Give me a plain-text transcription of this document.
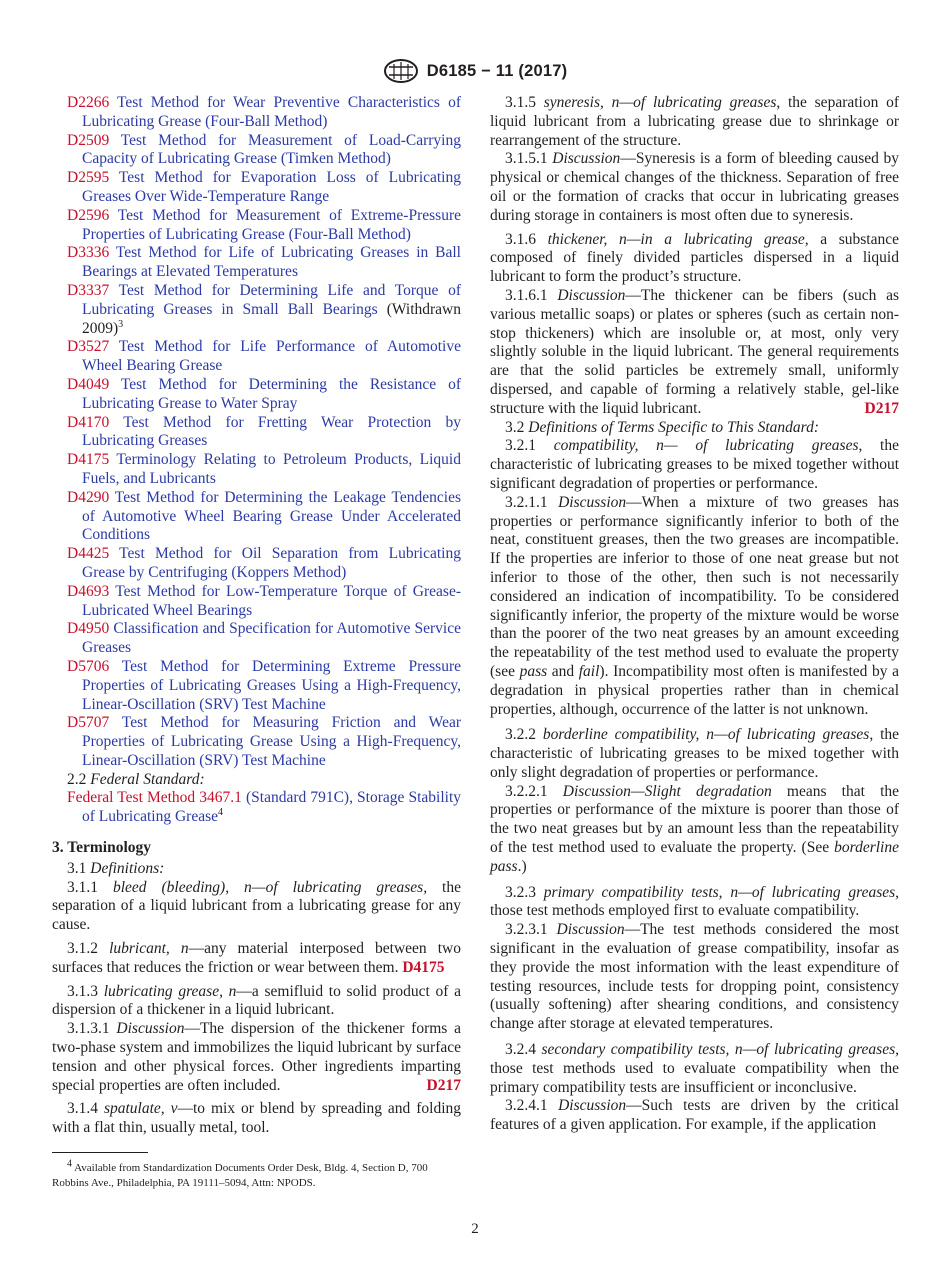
D6185 − 11 (2017)

D2266 Test Method for Wear Preventive Characteristics of Lubricating Grease (Four-Ball Method)

D2509 Test Method for Measurement of Load-Carrying Capacity of Lubricating Grease (Timken Method)

D2595 Test Method for Evaporation Loss of Lubricating Greases Over Wide-Temperature Range

D2596 Test Method for Measurement of Extreme-Pressure Properties of Lubricating Grease (Four-Ball Method)

D3336 Test Method for Life of Lubricating Greases in Ball Bearings at Elevated Temperatures

D3337 Test Method for Determining Life and Torque of Lubricating Greases in Small Ball Bearings (Withdrawn 2009)$^3$

D3527 Test Method for Life Performance of Automotive Wheel Bearing Grease

D4049 Test Method for Determining the Resistance of Lubricating Grease to Water Spray

D4170 Test Method for Fretting Wear Protection by Lubricating Greases

D4175 Terminology Relating to Petroleum Products, Liquid Fuels, and Lubricants

D4290 Test Method for Determining the Leakage Tendencies of Automotive Wheel Bearing Grease Under Accelerated Conditions

D4425 Test Method for Oil Separation from Lubricating Grease by Centrifuging (Koppers Method)

D4693 Test Method for Low-Temperature Torque of Grease-Lubricated Wheel Bearings

D4950 Classification and Specification for Automotive Service Greases

D5706 Test Method for Determining Extreme Pressure Properties of Lubricating Greases Using a High-Frequency, Linear-Oscillation (SRV) Test Machine

D5707 Test Method for Measuring Friction and Wear Properties of Lubricating Grease Using a High-Frequency, Linear-Oscillation (SRV) Test Machine

2.2 Federal Standard:

Federal Test Method 3467.1 (Standard 791C), Storage Stability of Lubricating Grease$^4$

3. Terminology

3.1 Definitions:

3.1.1 bleed (bleeding), n—of lubricating greases, the separation of a liquid lubricant from a lubricating grease for any cause.

3.1.2 lubricant, n—any material interposed between two surfaces that reduces the friction or wear between them. D4175

3.1.3 lubricating grease, n—a semifluid to solid product of a dispersion of a thickener in a liquid lubricant.

3.1.3.1 Discussion—The dispersion of the thickener forms a two-phase system and immobilizes the liquid lubricant by surface tension and other physical forces. Other ingredients imparting special properties are often included.	D217

3.1.4 spatulate, v—to mix or blend by spreading and folding with a flat thin, usually metal, tool.

3.1.5 syneresis, n—of lubricating greases, the separation of liquid lubricant from a lubricating grease due to shrinkage or rearrangement of the structure.

3.1.5.1 Discussion—Syneresis is a form of bleeding caused by physical or chemical changes of the thickness. Separation of free oil or the formation of cracks that occur in lubricating greases during storage in containers is most often due to syneresis.

3.1.6 thickener, n—in a lubricating grease, a substance composed of finely divided particles dispersed in a liquid lubricant to form the product’s structure.

3.1.6.1 Discussion—The thickener can be fibers (such as various metallic soaps) or plates or spheres (such as certain non-stop thickeners) which are insoluble or, at most, only very slightly soluble in the liquid lubricant. The general requirements are that the solid particles be extremely small, uniformly dispersed, and capable of forming a relatively stable, gel-like structure with the liquid lubricant.	D217

3.2 Definitions of Terms Specific to This Standard:

3.2.1 compatibility, n— of lubricating greases, the characteristic of lubricating greases to be mixed together without significant degradation of properties or performance.

3.2.1.1 Discussion—When a mixture of two greases has properties or performance significantly inferior to both of the neat, constituent greases, then the two greases are incompatible. If the properties are inferior to those of one neat grease but not inferior to those of the other, then such is not necessarily considered an indication of incompatibility. To be considered significantly inferior, the property of the mixture would be worse than the poorer of the two neat greases by an amount exceeding the repeatability of the test method used to evaluate the property (see pass and fail). Incompatibility most often is manifested by a degradation in physical properties rather than in chemical properties, although, occurrence of the latter is not unknown.

3.2.2 borderline compatibility, n—of lubricating greases, the characteristic of lubricating greases to be mixed together with only slight degradation of properties or performance.

3.2.2.1 Discussion—Slight degradation means that the properties or performance of the mixture is poorer than those of the two neat greases but by an amount less than the repeatability of the test method used to evaluate the property. (See borderline pass.)

3.2.3 primary compatibility tests, n—of lubricating greases, those test methods employed first to evaluate compatibility.

3.2.3.1 Discussion—The test methods considered the most significant in the evaluation of grease compatibility, insofar as they provide the most information with the least expenditure of testing resources, include tests for dropping point, consistency (usually softening) after shearing conditions, and consistency change after storage at elevated temperatures.

3.2.4 secondary compatibility tests, n—of lubricating greases, those test methods used to evaluate compatibility when the primary compatibility tests are insufficient or inconclusive.

3.2.4.1 Discussion—Such tests are driven by the critical features of a given application. For example, if the application

$^4$ Available from Standardization Documents Order Desk, Bldg. 4, Section D, 700 Robbins Ave., Philadelphia, PA 19111–5094, Attn: NPODS.

2
